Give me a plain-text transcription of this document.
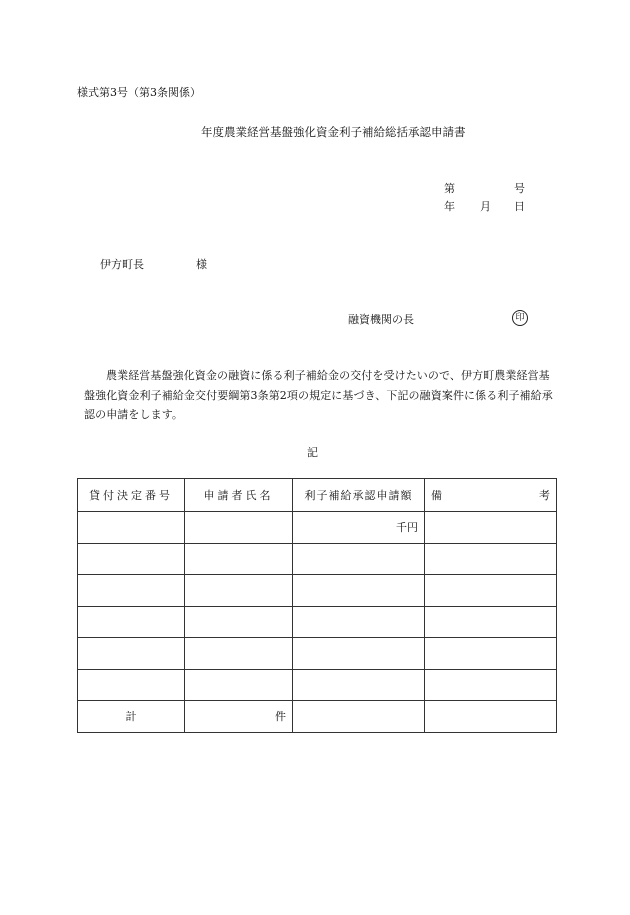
様式第3号（第3条関係）
年度農業経営基盤強化資金利子補給総括承認申請書
第	号
年 月 日
伊方町長	様
融資機関の長	印
農業経営基盤強化資金の融資に係る利子補給金の交付を受けたいので、伊方町農業経営基盤強化資金利子補給金交付要綱第3条第2項の規定に基づき、下記の融資案件に係る利子補給承認の申請をします。
記
貸付決定番号	申請者氏名	利子補給承認申請額	備 考

		千円	

計	件		
